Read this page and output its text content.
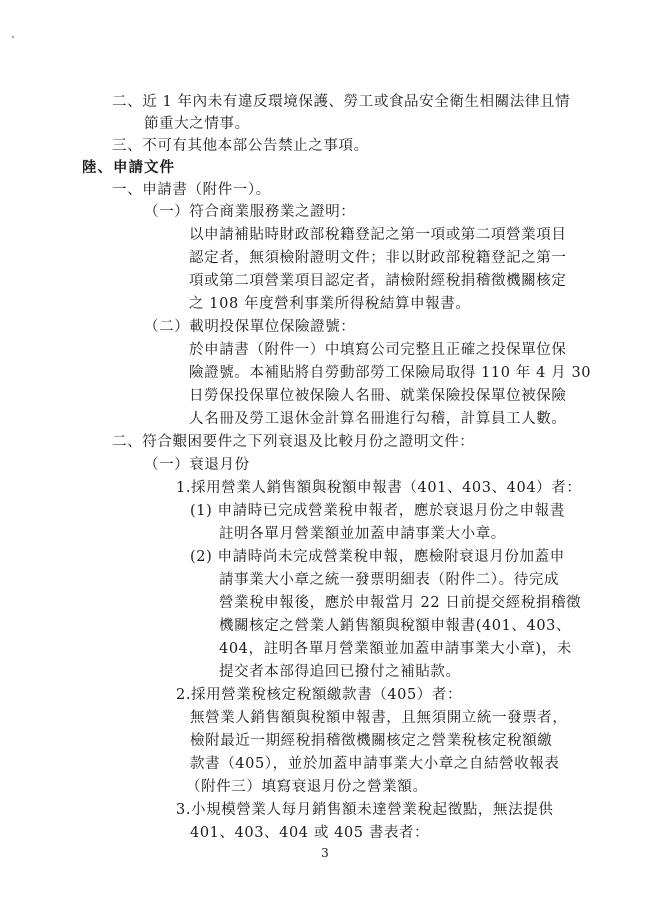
二、近 1 年內未有違反環境保護、勞工或食品安全衛生相關法律且情
節重大之情事。
三、不可有其他本部公告禁止之事項。
陸、申請文件
一、申請書（附件一）。
（一）符合商業服務業之證明：
以申請補貼時財政部稅籍登記之第一項或第二項營業項目
認定者，無須檢附證明文件；非以財政部稅籍登記之第一
項或第二項營業項目認定者，請檢附經稅捐稽徵機關核定
之 108 年度營利事業所得稅結算申報書。
（二）載明投保單位保險證號：
於申請書（附件一）中填寫公司完整且正確之投保單位保
險證號。本補貼將自勞動部勞工保險局取得 110 年 4 月 30
日勞保投保單位被保險人名冊、就業保險投保單位被保險
人名冊及勞工退休金計算名冊進行勾稽，計算員工人數。
二、符合艱困要件之下列衰退及比較月份之證明文件：
（一）衰退月份
1.採用營業人銷售額與稅額申報書（401、403、404）者：
(1) 申請時已完成營業稅申報者，應於衰退月份之申報書
註明各單月營業額並加蓋申請事業大小章。
(2) 申請時尚未完成營業稅申報，應檢附衰退月份加蓋申
請事業大小章之統一發票明細表（附件二）。待完成
營業稅申報後，應於申報當月 22 日前提交經稅捐稽徵
機關核定之營業人銷售額與稅額申報書(401、403、
404，註明各單月營業額並加蓋申請事業大小章)，未
提交者本部得追回已撥付之補貼款。
2.採用營業稅核定稅額繳款書（405）者：
無營業人銷售額與稅額申報書，且無須開立統一發票者，
檢附最近一期經稅捐稽徵機關核定之營業稅核定稅額繳
款書（405），並於加蓋申請事業大小章之自結營收報表
（附件三）填寫衰退月份之營業額。
3.小規模營業人每月銷售額未達營業稅起徵點，無法提供
401、403、404 或 405 書表者：
3
